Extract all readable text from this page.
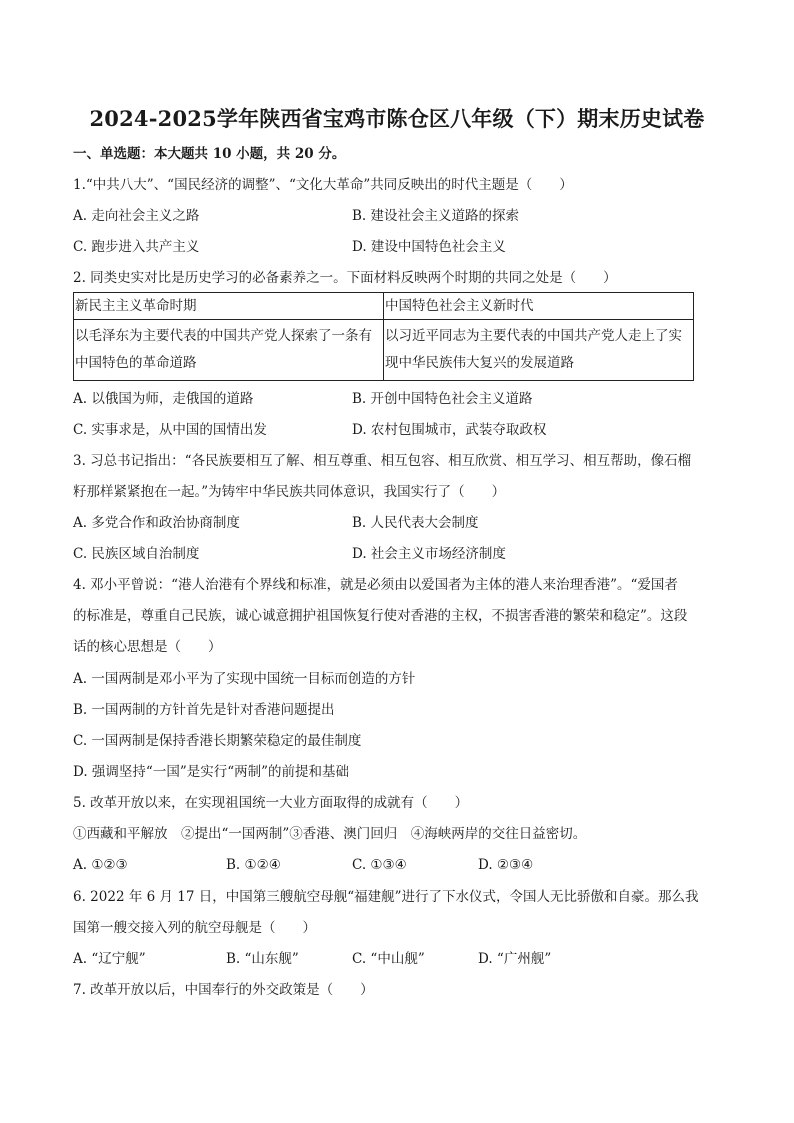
2024-2025学年陕西省宝鸡市陈仓区八年级（下）期末历史试卷
一、单选题：本大题共 10 小题，共 20 分。
1.“中共八大”、“国民经济的调整”、“文化大革命”共同反映出的时代主题是（　　）
A. 走向社会主义之路	B. 建设社会主义道路的探索
C. 跑步进入共产主义	D. 建设中国特色社会主义
2. 同类史实对比是历史学习的必备素养之一。下面材料反映两个时期的共同之处是（　　）
新民主主义革命时期	中国特色社会主义新时代
以毛泽东为主要代表的中国共产党人探索了一条有中国特色的革命道路	以习近平同志为主要代表的中国共产党人走上了实现中华民族伟大复兴的发展道路
A. 以俄国为师，走俄国的道路	B. 开创中国特色社会主义道路
C. 实事求是，从中国的国情出发	D. 农村包围城市，武装夺取政权
3. 习总书记指出：“各民族要相互了解、相互尊重、相互包容、相互欣赏、相互学习、相互帮助，像石榴
籽那样紧紧抱在一起。”为铸牢中华民族共同体意识，我国实行了（　　）
A. 多党合作和政治协商制度	B. 人民代表大会制度
C. 民族区域自治制度	D. 社会主义市场经济制度
4. 邓小平曾说：“港人治港有个界线和标准，就是必须由以爱国者为主体的港人来治理香港”。“爱国者
的标准是，尊重自己民族，诚心诚意拥护祖国恢复行使对香港的主权，不损害香港的繁荣和稳定”。这段
话的核心思想是（　　）
A. 一国两制是邓小平为了实现中国统一目标而创造的方针
B. 一国两制的方针首先是针对香港问题提出
C. 一国两制是保持香港长期繁荣稳定的最佳制度
D. 强调坚持“一国”是实行“两制”的前提和基础
5. 改革开放以来，在实现祖国统一大业方面取得的成就有（　　）
①西藏和平解放　②提出“一国两制”③香港、澳门回归　④海峡两岸的交往日益密切。
A. ①②③	B. ①②④	C. ①③④	D. ②③④
6. 2022 年 6 月 17 日，中国第三艘航空母舰“福建舰”进行了下水仪式，令国人无比骄傲和自豪。那么我
国第一艘交接入列的航空母舰是（　　）
A. “辽宁舰”	B. “山东舰”	C. “中山舰”	D. “广州舰”
7. 改革开放以后，中国奉行的外交政策是（　　）
